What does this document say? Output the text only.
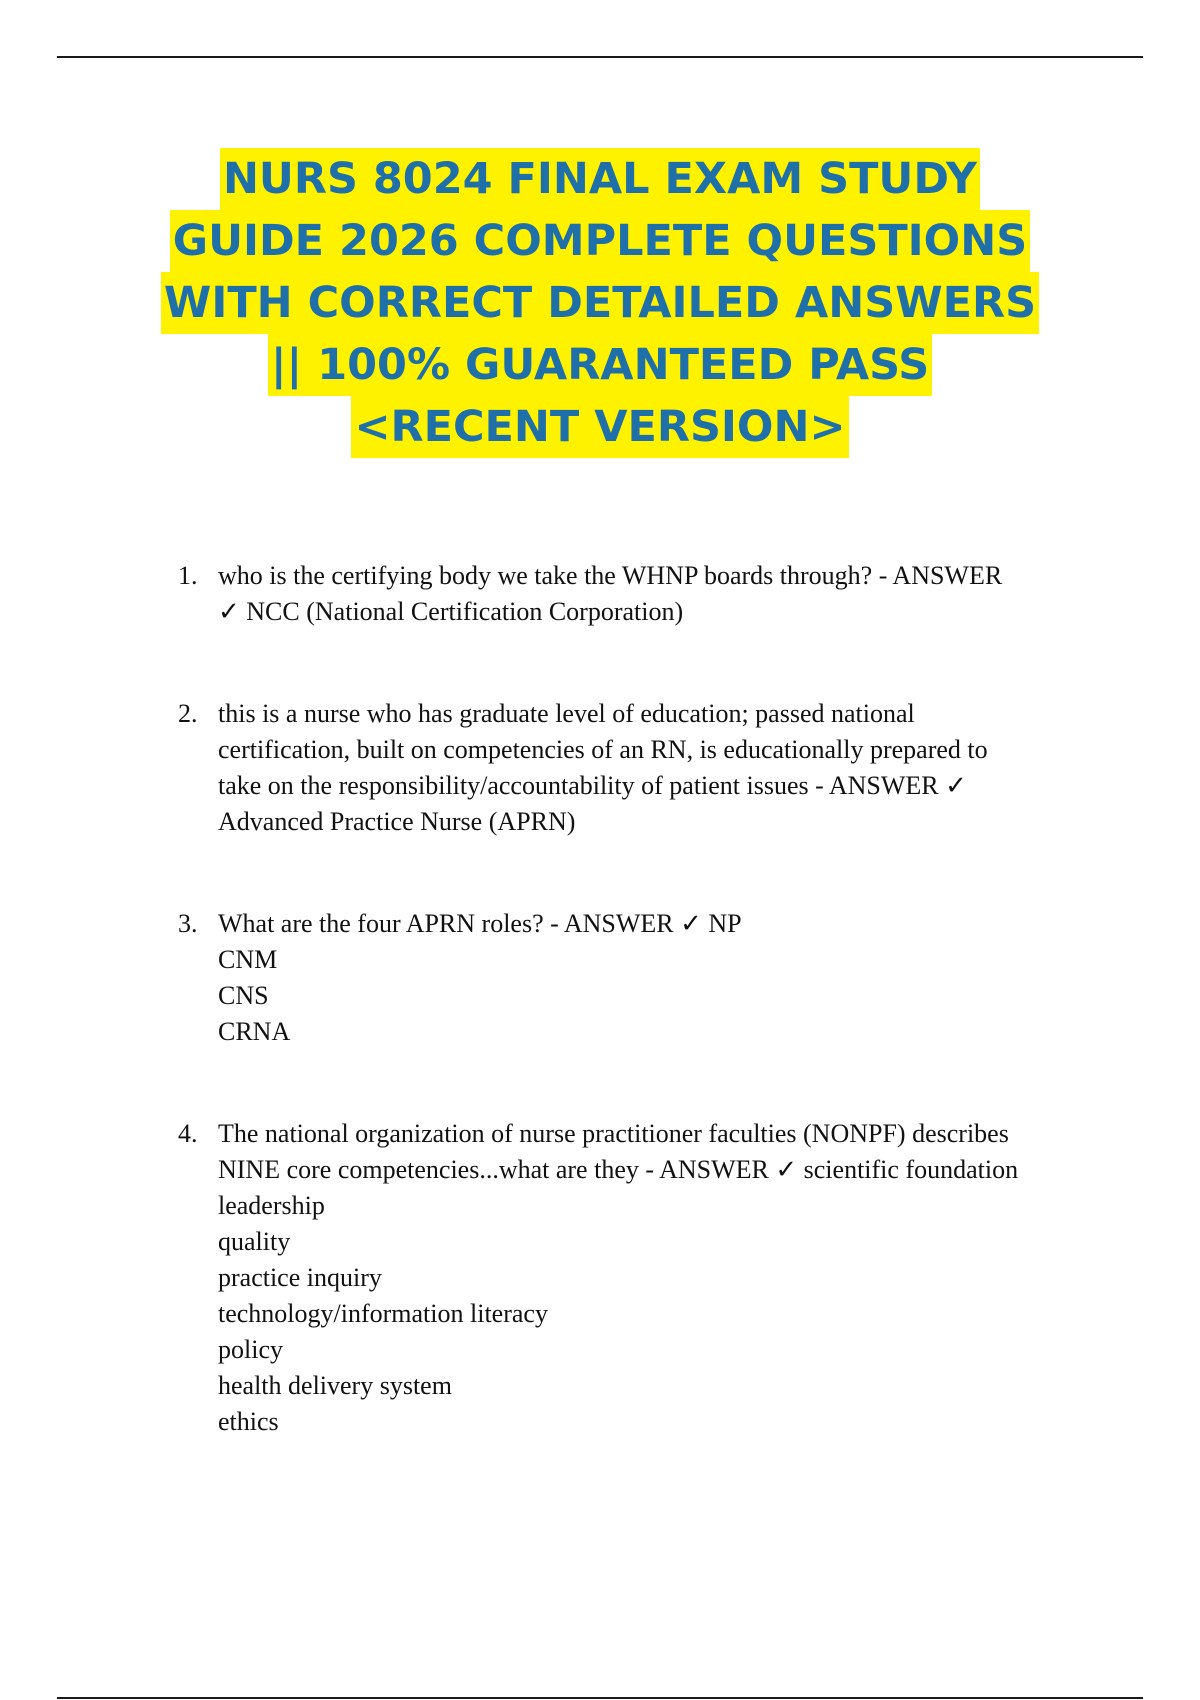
NURS 8024 FINAL EXAM STUDY
GUIDE 2026 COMPLETE QUESTIONS
WITH CORRECT DETAILED ANSWERS
|| 100% GUARANTEED PASS
<RECENT VERSION>
1. who is the certifying body we take the WHNP boards through? - ANSWER
✓ NCC (National Certification Corporation)
2. this is a nurse who has graduate level of education; passed national
certification, built on competencies of an RN, is educationally prepared to
take on the responsibility/accountability of patient issues - ANSWER ✓
Advanced Practice Nurse (APRN)
3. What are the four APRN roles? - ANSWER ✓ NP
CNM
CNS
CRNA
4. The national organization of nurse practitioner faculties (NONPF) describes
NINE core competencies...what are they - ANSWER ✓ scientific foundation
leadership
quality
practice inquiry
technology/information literacy
policy
health delivery system
ethics
